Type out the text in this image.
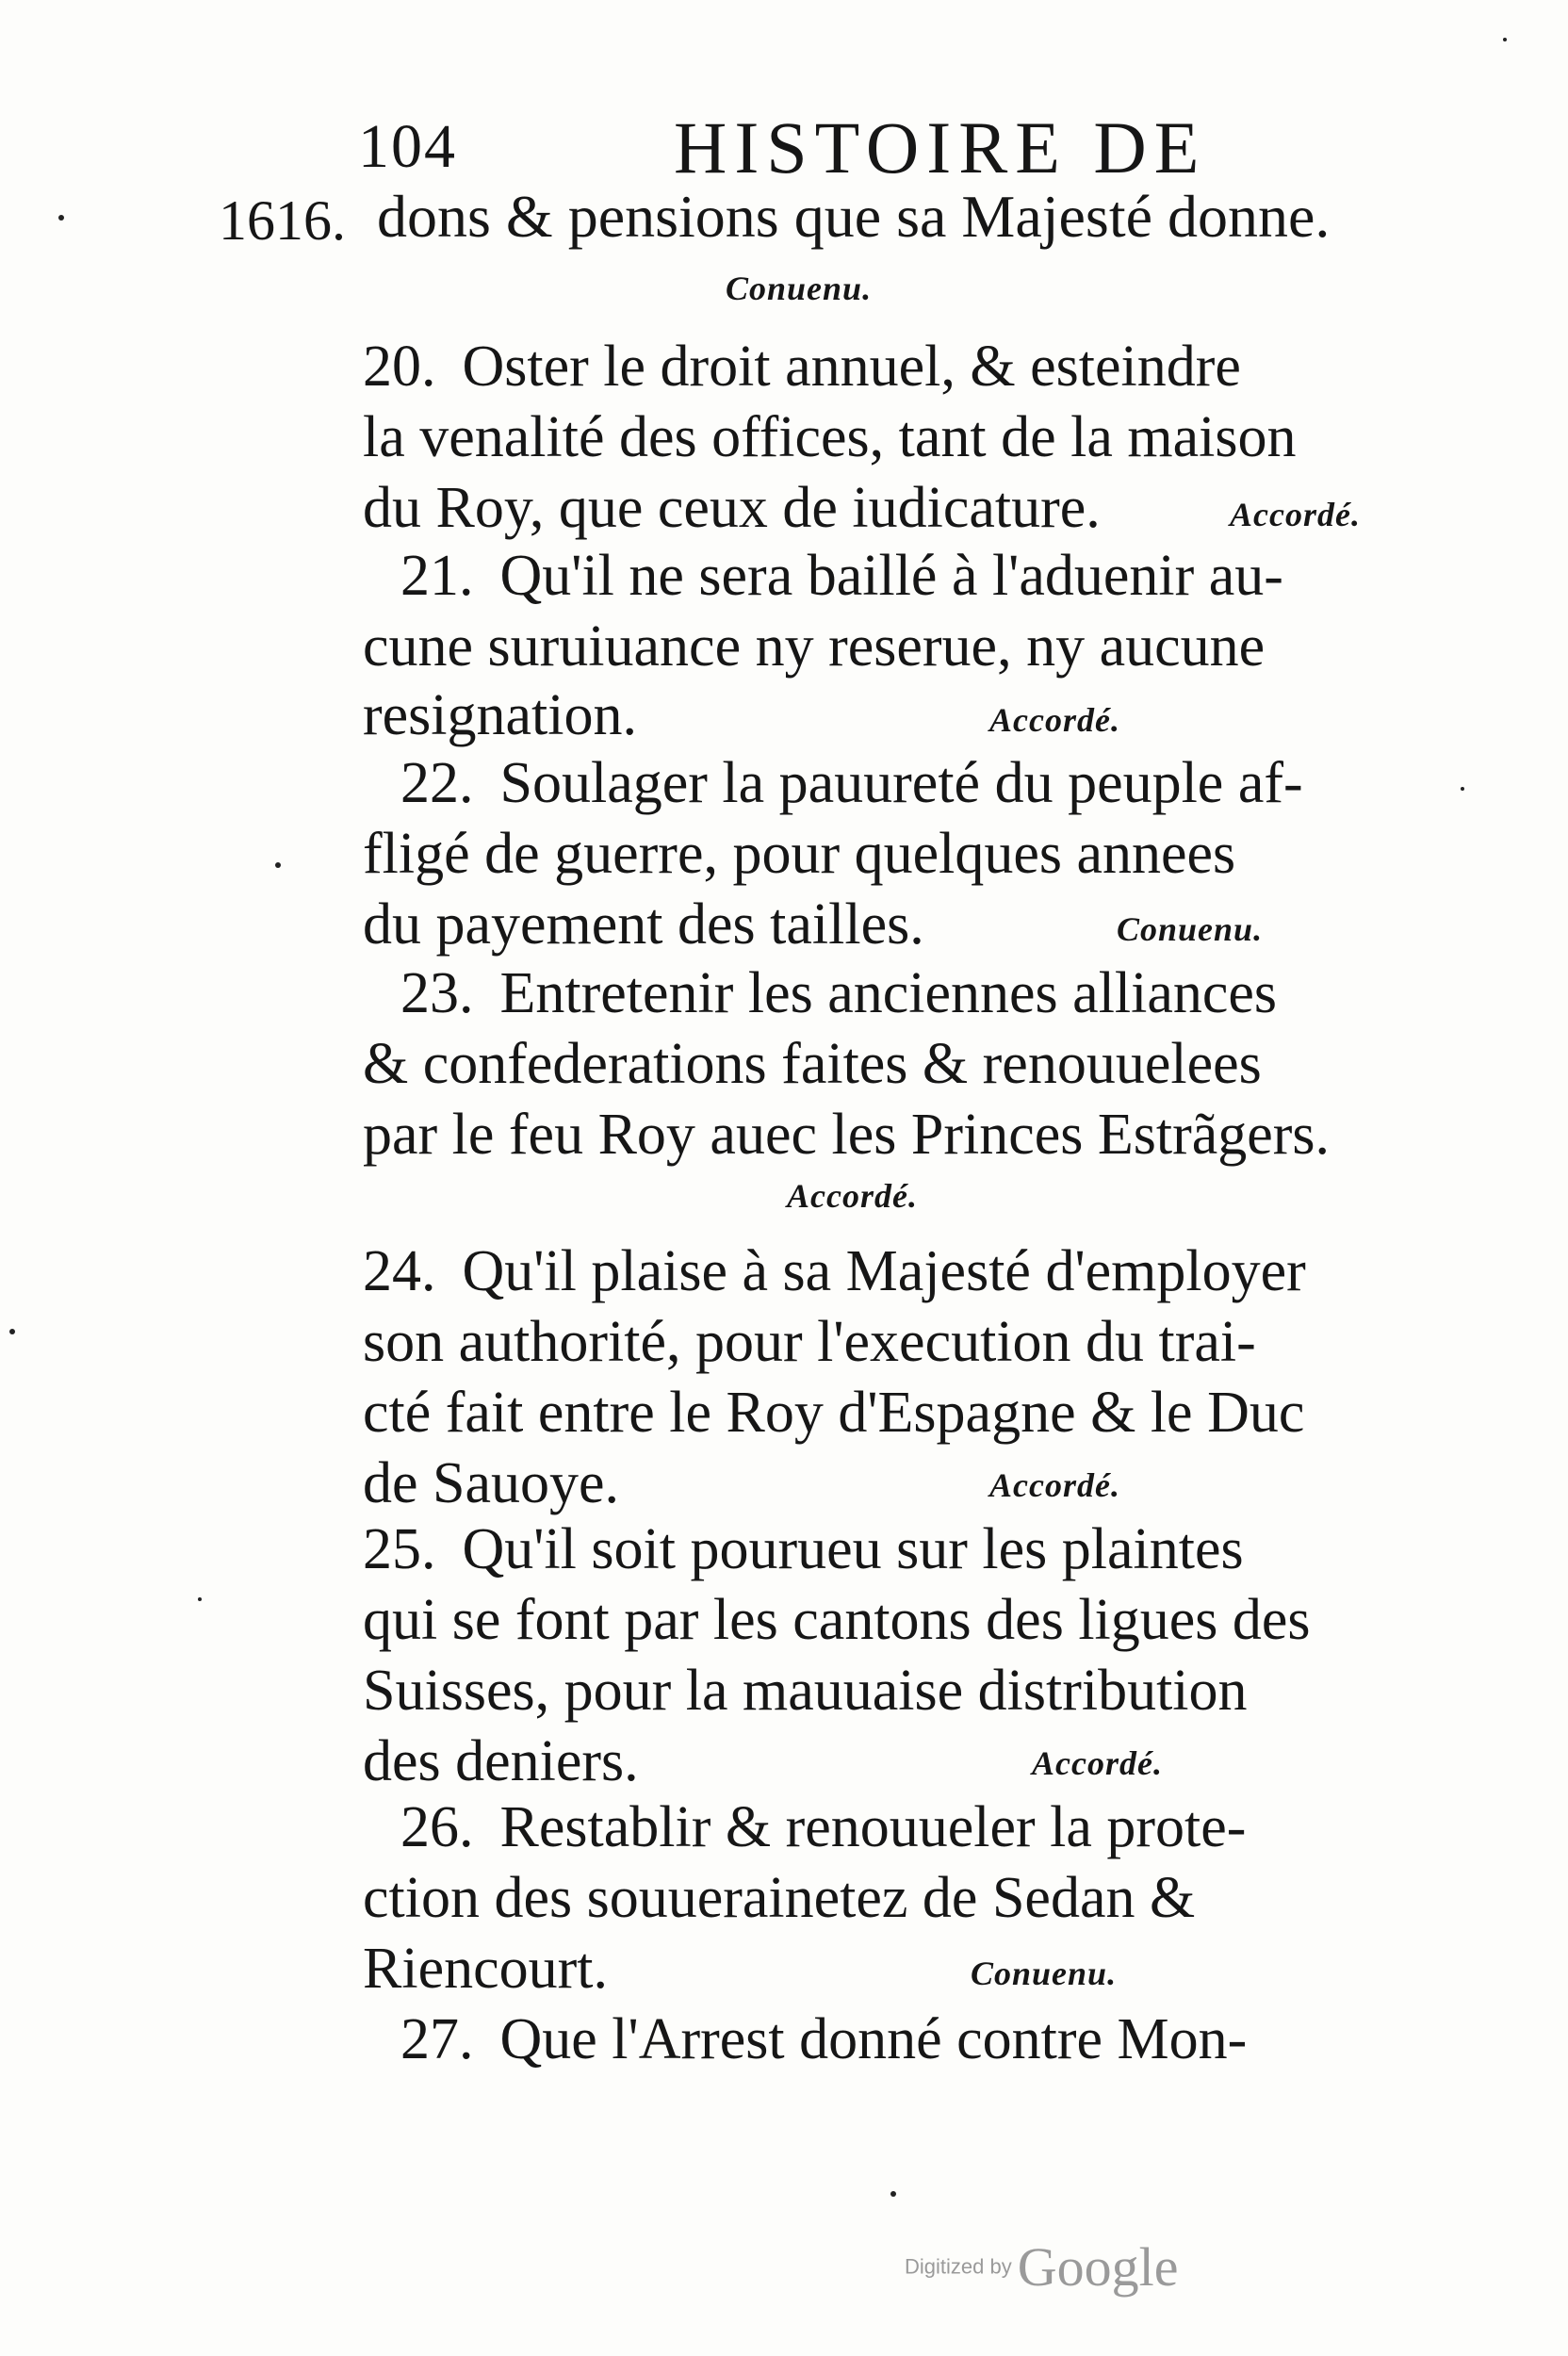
104	HISTOIRE DE
1616. dons & pensions que sa Majesté donne.
Conuenu.
20. Oster le droit annuel, & esteindre
la venalité des offices, tant de la maison
du Roy, que ceux de iudicature.	Accordé.
21. Qu'il ne sera baillé à l'aduenir au-
cune suruiuance ny reserue, ny aucune
resignation.	Accordé.
22. Soulager la pauureté du peuple af-
fligé de guerre, pour quelques annees
du payement des tailles.	Conuenu.
23. Entretenir les anciennes alliances
& confederations faites & renouuelees
par le feu Roy auec les Princes Estrãgers.
Accordé.
24. Qu'il plaise à sa Majesté d'employer
son authorité, pour l'execution du trai-
cté fait entre le Roy d'Espagne & le Duc
de Sauoye.	Accordé.
25. Qu'il soit pourueu sur les plaintes
qui se font par les cantons des ligues des
Suisses, pour la mauuaise distribution
des deniers.	Accordé.
26. Restablir & renouueler la prote-
ction des souuerainetez de Sedan &
Riencourt.	Conuenu.
27. Que l'Arrest donné contre Mon-
Digitized by Google
